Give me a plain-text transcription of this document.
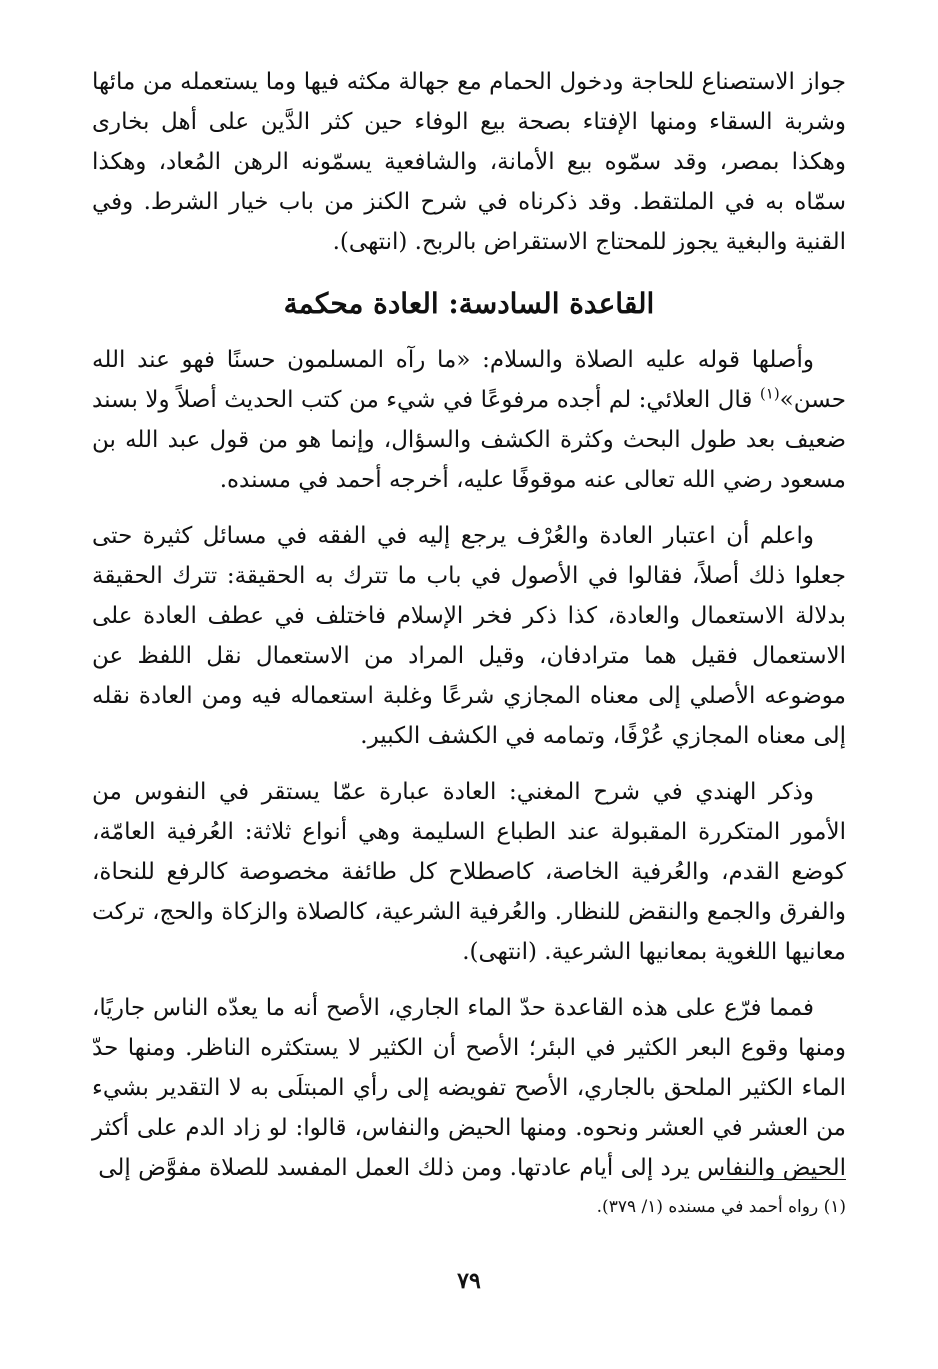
جواز الاستصناع للحاجة ودخول الحمام مع جهالة مكثه فيها وما يستعمله من مائها وشربة السقاء ومنها الإفتاء بصحة بيع الوفاء حين كثر الدَّين على أهل بخارى وهكذا بمصر، وقد سمّوه بيع الأمانة، والشافعية يسمّونه الرهن المُعاد، وهكذا سمّاه به في الملتقط. وقد ذكرناه في شرح الكنز من باب خيار الشرط. وفي القنية والبغية يجوز للمحتاج الاستقراض بالربح. (انتهى).

القاعدة السادسة: العادة محكمة

وأصلها قوله عليه الصلاة والسلام: «ما رآه المسلمون حسنًا فهو عند الله حسن»$^{(١)}$ قال العلائي: لم أجده مرفوعًا في شيء من كتب الحديث أصلاً ولا بسند ضعيف بعد طول البحث وكثرة الكشف والسؤال، وإنما هو من قول عبد الله بن مسعود رضي الله تعالى عنه موقوفًا عليه، أخرجه أحمد في مسنده.

واعلم أن اعتبار العادة والعُرْف يرجع إليه في الفقه في مسائل كثيرة حتى جعلوا ذلك أصلاً، فقالوا في الأصول في باب ما تترك به الحقيقة: تترك الحقيقة بدلالة الاستعمال والعادة، كذا ذكر فخر الإسلام فاختلف في عطف العادة على الاستعمال فقيل هما مترادفان، وقيل المراد من الاستعمال نقل اللفظ عن موضوعه الأصلي إلى معناه المجازي شرعًا وغلبة استعماله فيه ومن العادة نقله إلى معناه المجازي عُرْفًا، وتمامه في الكشف الكبير.

وذكر الهندي في شرح المغني: العادة عبارة عمّا يستقر في النفوس من الأمور المتكررة المقبولة عند الطباع السليمة وهي أنواع ثلاثة: العُرفية العامّة، كوضع القدم، والعُرفية الخاصة، كاصطلاح كل طائفة مخصوصة كالرفع للنحاة، والفرق والجمع والنقض للنظار. والعُرفية الشرعية، كالصلاة والزكاة والحج، تركت معانيها اللغوية بمعانيها الشرعية. (انتهى).

فمما فرّع على هذه القاعدة حدّ الماء الجاري، الأصح أنه ما يعدّه الناس جاريًا، ومنها وقوع البعر الكثير في البئر؛ الأصح أن الكثير لا يستكثره الناظر. ومنها حدّ الماء الكثير الملحق بالجاري، الأصح تفويضه إلى رأي المبتلَى به لا التقدير بشيء من العشر في العشر ونحوه. ومنها الحيض والنفاس، قالوا: لو زاد الدم على أكثر الحيض والنفاس يرد إلى أيام عادتها. ومن ذلك العمل المفسد للصلاة مفوَّض إلى

(١) رواه أحمد في مسنده (١/ ٣٧٩).
٧٩
